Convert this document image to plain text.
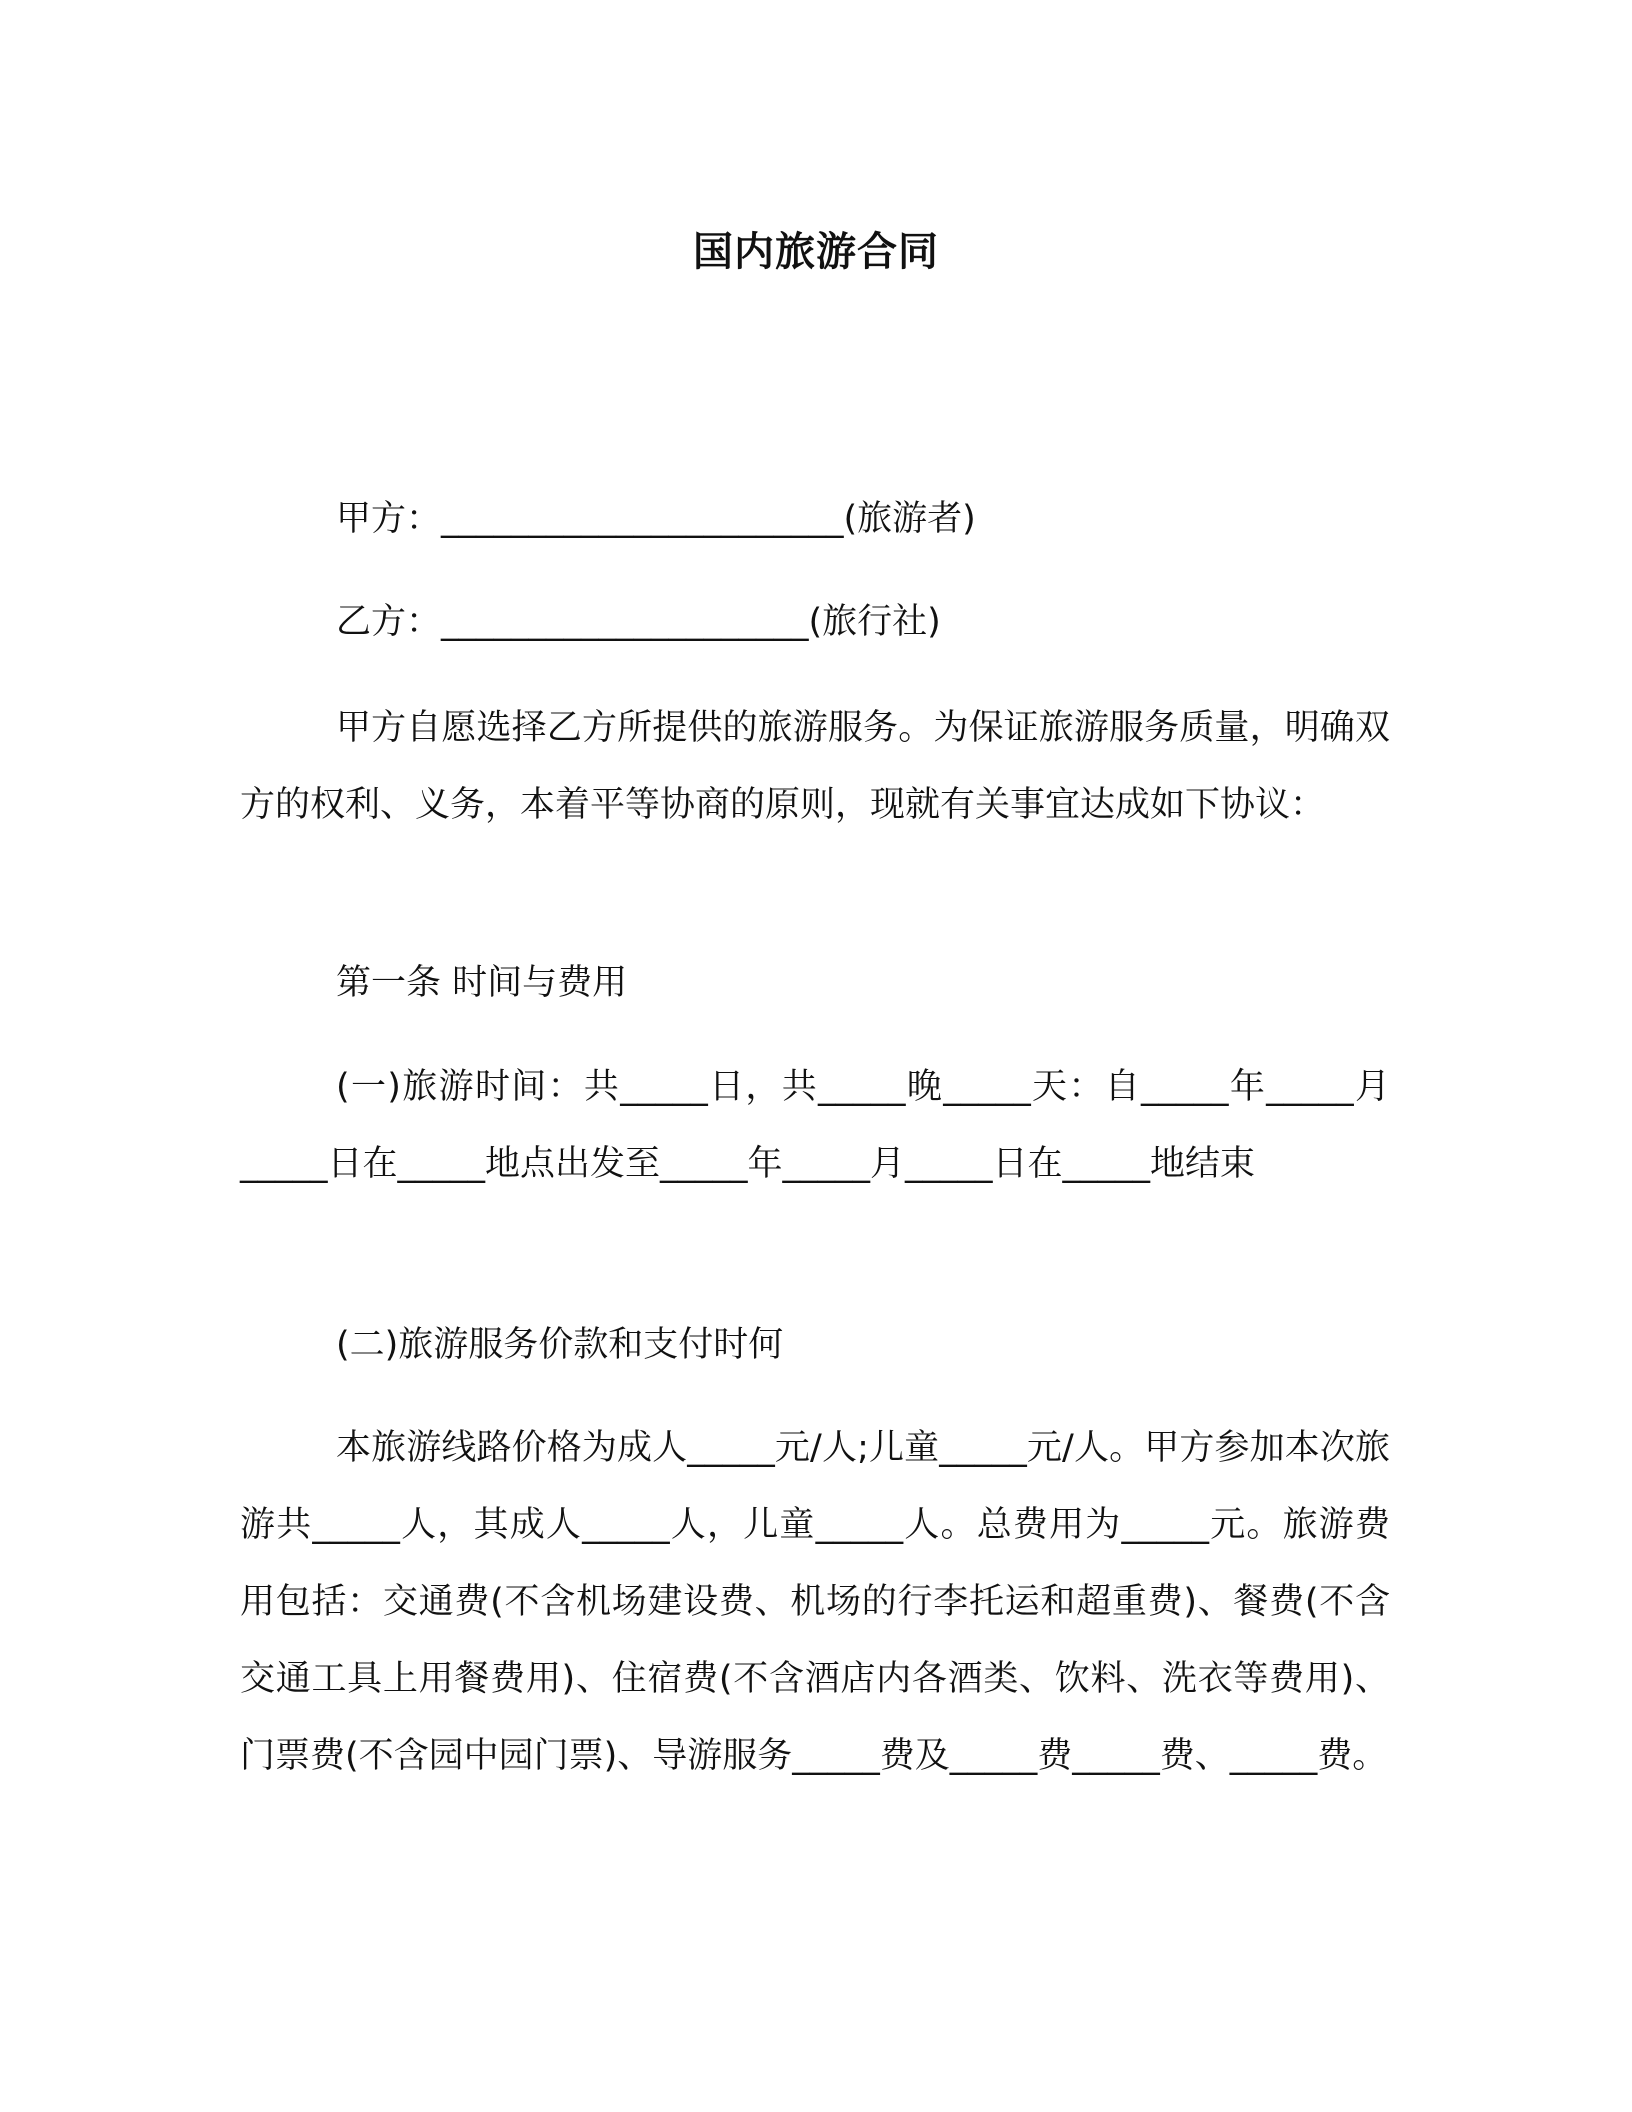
国内旅游合同
甲方：_______________________(旅游者)
乙方：_____________________(旅行社)

甲方自愿选择乙方所提供的旅游服务。为保证旅游服务质量，明确双方的权利、义务，本着平等协商的原则，现就有关事宜达成如下协议：

第一条 时间与费用

(一)旅游时间：共_____日，共_____晚_____天：自_____年_____月_____日在_____地点出发至_____年_____月_____日在_____地结束

(二)旅游服务价款和支付时何

本旅游线路价格为成人_____元/人;儿童_____元/人。甲方参加本次旅游共_____人，其成人_____人，儿童_____人。总费用为_____元。旅游费用包括：交通费(不含机场建设费、机场的行李托运和超重费)、餐费(不含交通工具上用餐费用)、住宿费(不含酒店内各酒类、饮料、洗衣等费用)、门票费(不含园中园门票)、导游服务_____费及_____费_____费、_____费。
